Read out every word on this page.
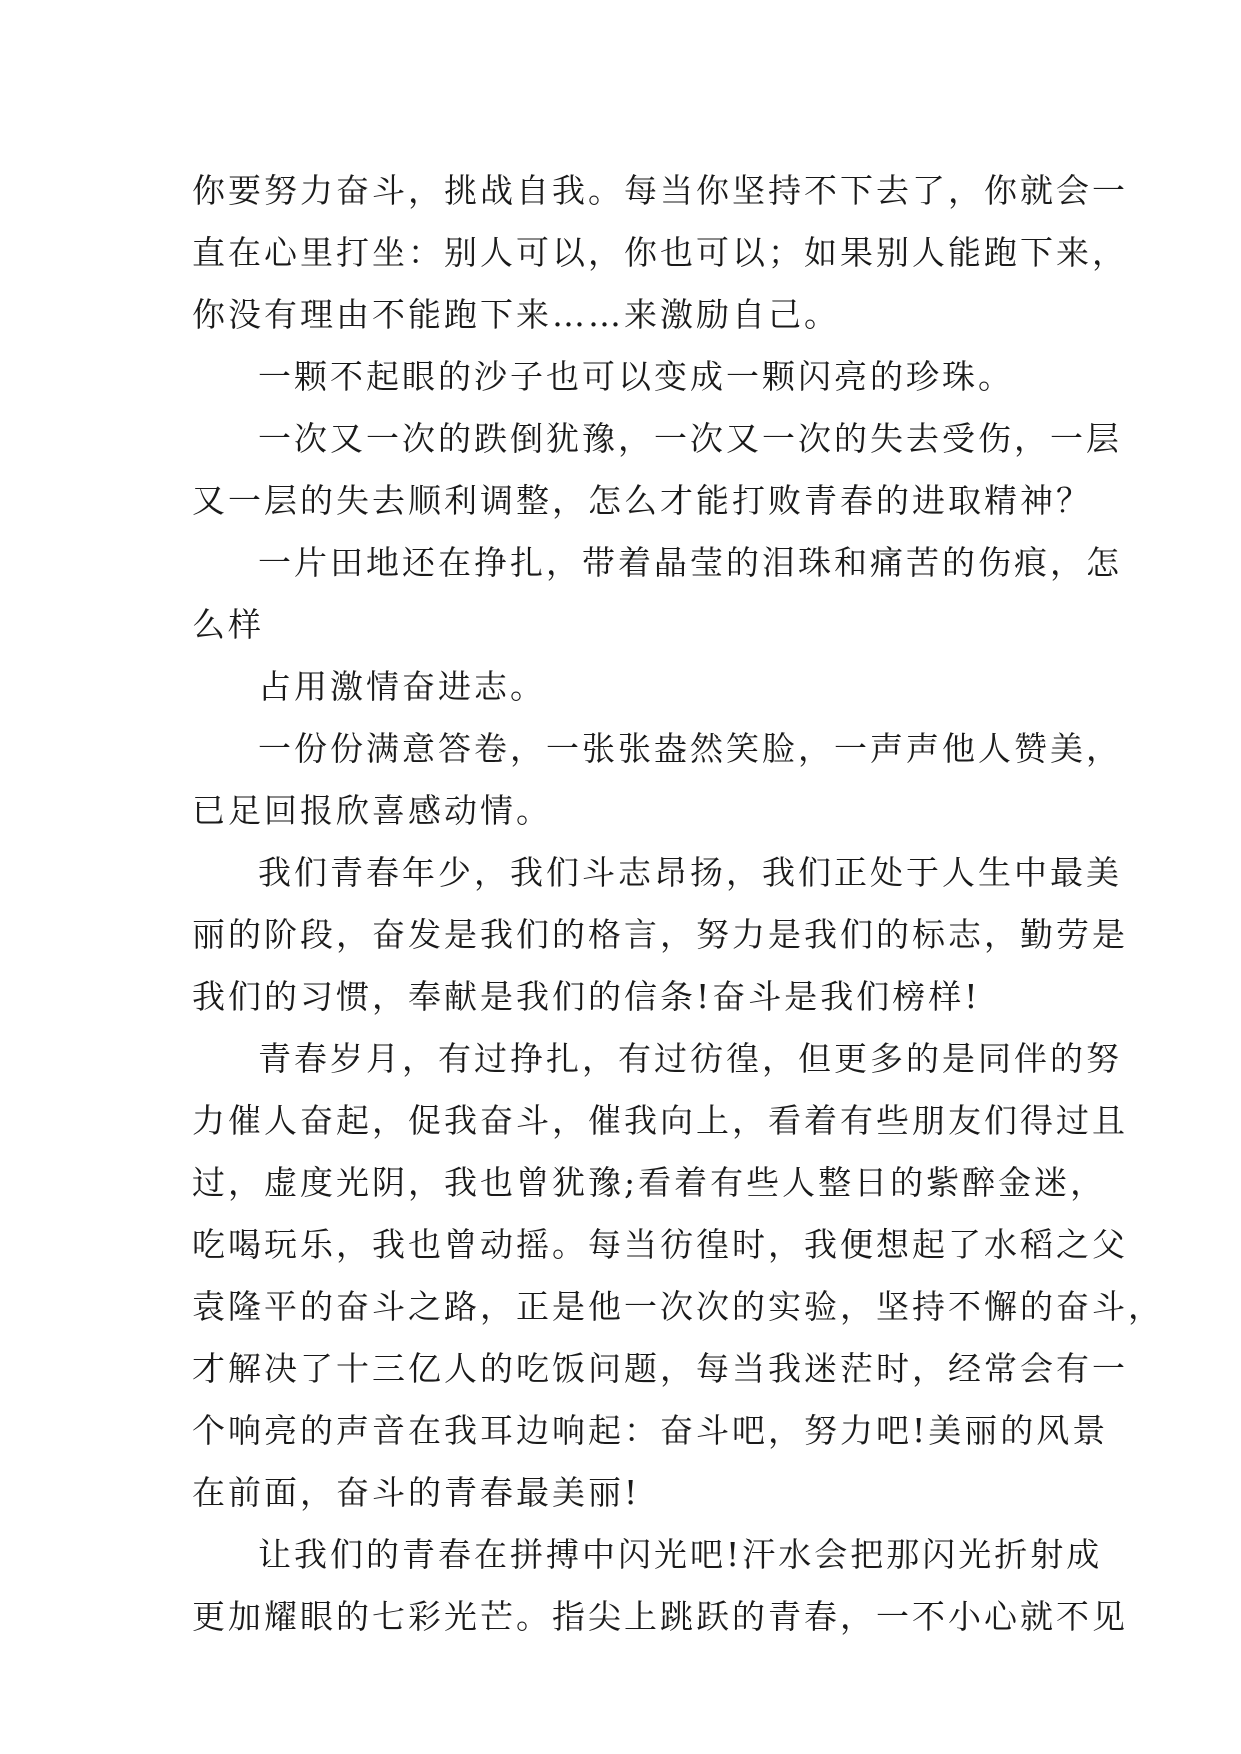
你要努力奋斗，挑战自我。每当你坚持不下去了，你就会一
直在心里打坐：别人可以，你也可以；如果别人能跑下来，
你没有理由不能跑下来……来激励自己。
一颗不起眼的沙子也可以变成一颗闪亮的珍珠。
一次又一次的跌倒犹豫，一次又一次的失去受伤，一层
又一层的失去顺利调整，怎么才能打败青春的进取精神？
一片田地还在挣扎，带着晶莹的泪珠和痛苦的伤痕，怎
么样
占用激情奋进志。
一份份满意答卷，一张张盎然笑脸，一声声他人赞美，
已足回报欣喜感动情。
我们青春年少，我们斗志昂扬，我们正处于人生中最美
丽的阶段，奋发是我们的格言，努力是我们的标志，勤劳是
我们的习惯，奉献是我们的信条!奋斗是我们榜样!
青春岁月，有过挣扎，有过彷徨，但更多的是同伴的努
力催人奋起，促我奋斗，催我向上，看着有些朋友们得过且
过，虚度光阴，我也曾犹豫;看着有些人整日的紫醉金迷，
吃喝玩乐，我也曾动摇。每当彷徨时，我便想起了水稻之父
袁隆平的奋斗之路，正是他一次次的实验，坚持不懈的奋斗，
才解决了十三亿人的吃饭问题，每当我迷茫时，经常会有一
个响亮的声音在我耳边响起：奋斗吧，努力吧!美丽的风景
在前面，奋斗的青春最美丽!
让我们的青春在拼搏中闪光吧!汗水会把那闪光折射成
更加耀眼的七彩光芒。指尖上跳跃的青春，一不小心就不见
